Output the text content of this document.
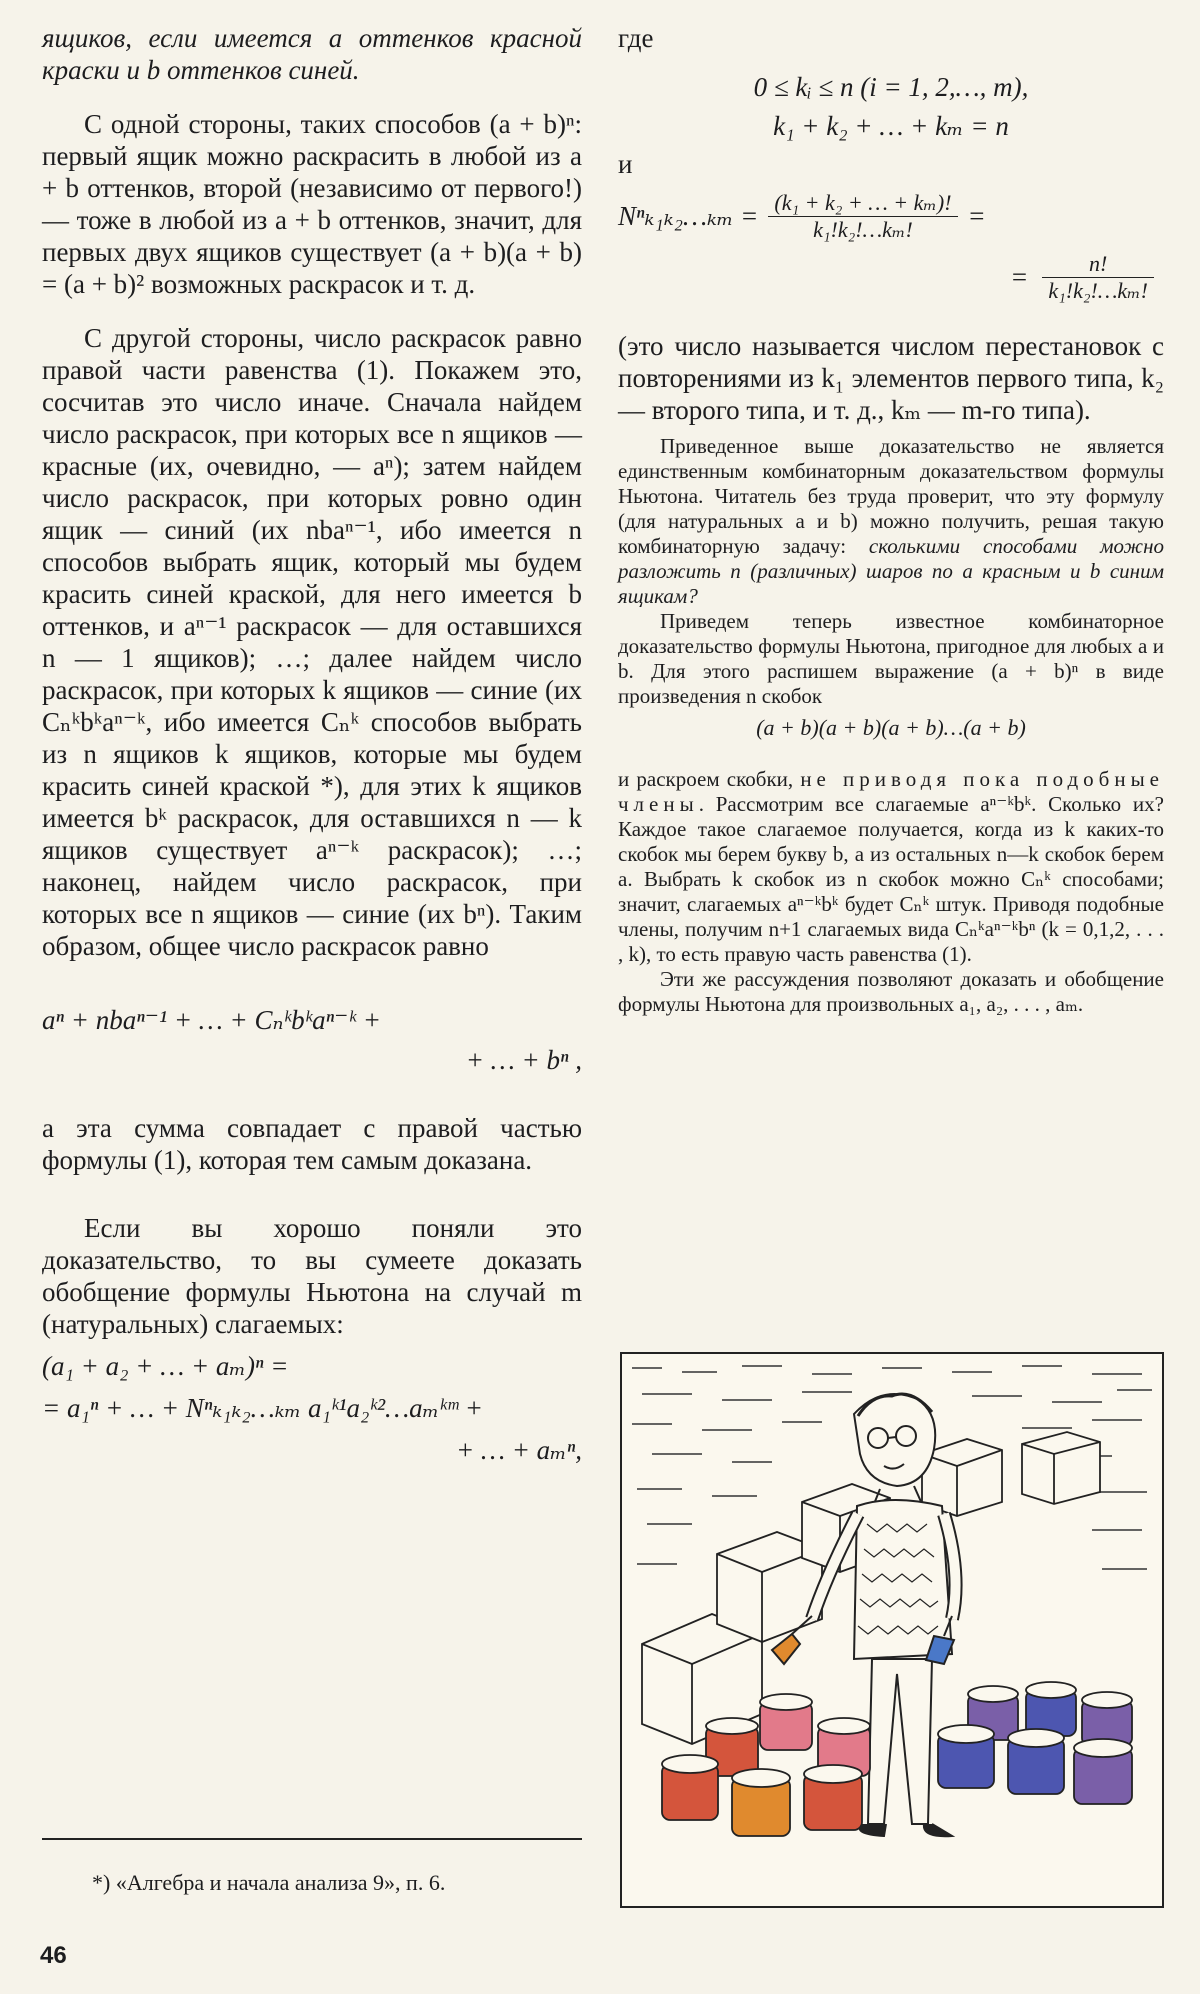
ящиков, если имеется a оттенков красной краски и b оттенков синей.

С одной стороны, таких способов (a + b)ⁿ: первый ящик можно раскрасить в любой из a + b оттенков, второй (независимо от первого!) — тоже в любой из a + b оттенков, значит, для первых двух ящиков существует (a + b)(a + b) = (a + b)² возможных раскрасок и т. д.

С другой стороны, число раскрасок равно правой части равенства (1). Покажем это, сосчитав это число иначе. Сначала найдем число раскрасок, при которых все n ящиков — красные (их, очевидно, — aⁿ); затем найдем число раскрасок, при которых ровно один ящик — синий (их nbaⁿ⁻¹, ибо имеется n способов выбрать ящик, который мы будем красить синей краской, для него имеется b оттенков, и aⁿ⁻¹ раскрасок — для оставшихся n — 1 ящиков); …; далее найдем число раскрасок, при которых k ящиков — синие (их Cₙᵏbᵏaⁿ⁻ᵏ, ибо имеется Cₙᵏ способов выбрать из n ящиков k ящиков, которые мы будем красить синей краской *), для этих k ящиков имеется bᵏ раскрасок, для оставшихся n — k ящиков существует aⁿ⁻ᵏ раскрасок); …; наконец, найдем число раскрасок, при которых все n ящиков — синие (их bⁿ). Таким образом, общее число раскрасок равно

aⁿ + nbaⁿ⁻¹ + … + Cₙᵏbᵏaⁿ⁻ᵏ +
+ … + bⁿ ,

а эта сумма совпадает с правой частью формулы (1), которая тем самым доказана.

Если вы хорошо поняли это доказательство, то вы сумеете доказать обобщение формулы Ньютона на случай m (натуральных) слагаемых:

(a₁ + a₂ + … + aₘ)ⁿ =
= a₁ⁿ + … + Nⁿₖ₁ₖ₂…ₖₘ a₁ᵏ¹a₂ᵏ²…aₘᵏᵐ +
+ … + aₘⁿ,
где
0 ≤ kᵢ ≤ n (i = 1, 2,…, m),
k₁ + k₂ + … + kₘ = n
и
Nⁿₖ₁ₖ₂…ₖₘ = $\frac{\text{(k₁ + k₂ + … + kₘ)!}}{\text{k₁!k₂!…kₘ!}}$ =
= $\frac{n!}{\text{k₁!k₂!…kₘ!}}$

(это число называется числом перестановок с повторениями из k₁ элементов первого типа, k₂ — второго типа, и т. д., kₘ — m-го типа).

Приведенное выше доказательство не является единственным комбинаторным доказательством формулы Ньютона. Читатель без труда проверит, что эту формулу (для натуральных a и b) можно получить, решая такую комбинаторную задачу: сколькими способами можно разложить n (различных) шаров по a красным и b синим ящикам?

Приведем теперь известное комбинаторное доказательство формулы Ньютона, пригодное для любых a и b. Для этого распишем выражение (a + b)ⁿ в виде произведения n скобок

(a + b)(a + b)(a + b)…(a + b)

и раскроем скобки, не приводя пока подобные члены. Рассмотрим все слагаемые aⁿ⁻ᵏbᵏ. Сколько их? Каждое такое слагаемое получается, когда из k каких-то скобок мы берем букву b, а из остальных n—k скобок берем a. Выбрать k скобок из n скобок можно Cₙᵏ способами; значит, слагаемых aⁿ⁻ᵏbᵏ будет Cₙᵏ штук. Приводя подобные члены, получим n+1 слагаемых вида Cₙᵏaⁿ⁻ᵏbⁿ (k = 0,1,2, . . . , k), то есть правую часть равенства (1).

Эти же рассуждения позволяют доказать и обобщение формулы Ньютона для произвольных a₁, a₂, . . . , aₘ.

*) «Алгебра и начала анализа 9», п. 6.
46
